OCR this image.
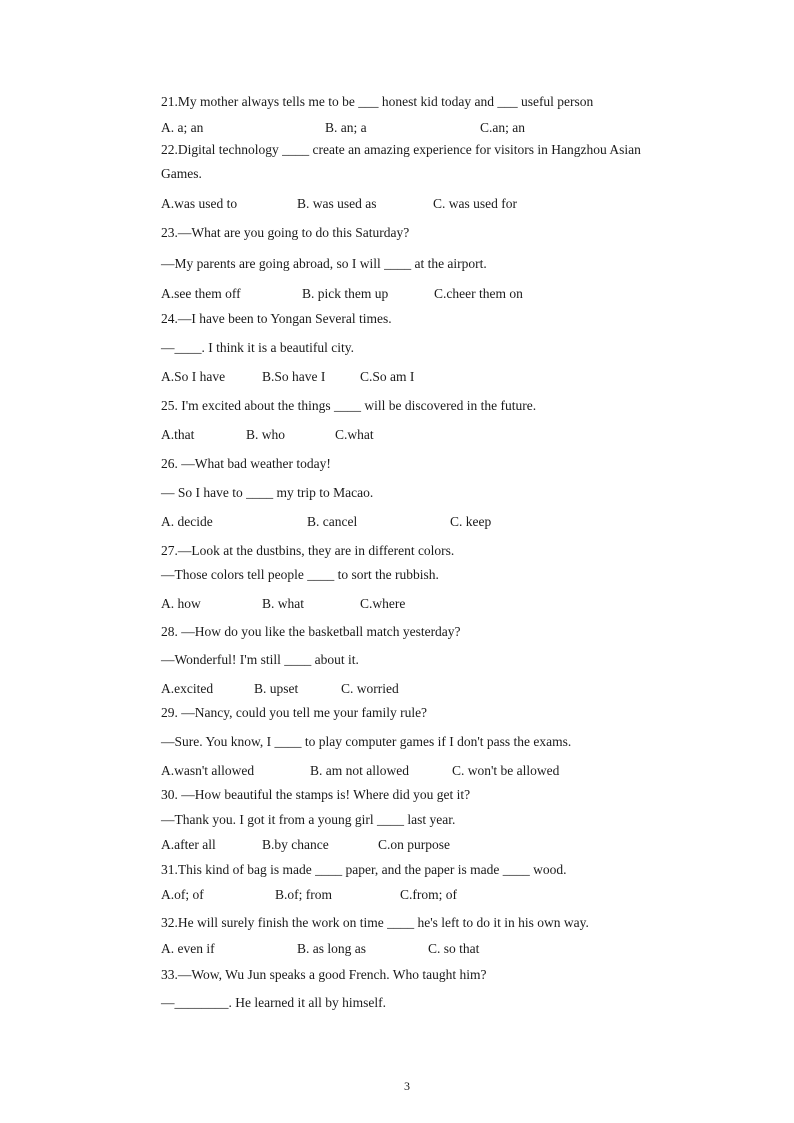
21.My mother always tells me to be ___ honest kid today and ___ useful person
A. a; an	B. an; a	C.an; an
22.Digital technology ____ create an amazing experience for visitors in Hangzhou Asian
Games.
A.was used to	B. was used as	C. was used for
23.—What are you going to do this Saturday?
—My parents are going abroad, so I will ____ at the airport.
A.see them off	B. pick them up	C.cheer them on
24.—I have been to Yongan Several times.
—____. I think it is a beautiful city.
A.So I have	B.So have I	C.So am I
25. I'm excited about the things ____ will be discovered in the future.
A.that	B. who	C.what
26. —What bad weather today!
— So I have to ____ my trip to Macao.
A. decide	B. cancel	C. keep
27.—Look at the dustbins, they are in different colors.
—Those colors tell people ____ to sort the rubbish.
A. how	B. what	C.where
28. —How do you like the basketball match yesterday?
—Wonderful! I'm still ____ about it.
A.excited	B. upset	C. worried
29. —Nancy, could you tell me your family rule?
—Sure. You know, I ____ to play computer games if I don't pass the exams.
A.wasn't allowed	B. am not allowed	C. won't be allowed
30. —How beautiful the stamps is! Where did you get it?
—Thank you. I got it from a young girl ____ last year.
A.after all	B.by chance	C.on purpose
31.This kind of bag is made ____ paper, and the paper is made ____ wood.
A.of; of	B.of; from	C.from; of
32.He will surely finish the work on time ____ he's left to do it in his own way.
A. even if	B. as long as	C. so that
33.—Wow, Wu Jun speaks a good French. Who taught him?
—________. He learned it all by himself.
3
